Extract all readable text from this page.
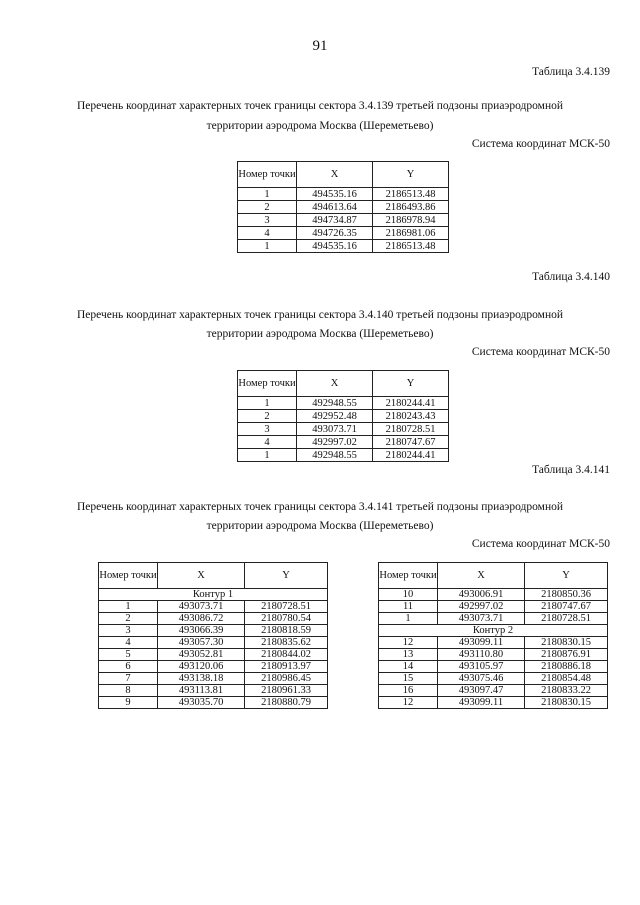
91
Таблица 3.4.139
Перечень координат характерных точек границы сектора 3.4.139 третьей подзоны приаэродромной
территории аэродрома Москва (Шереметьево)
Система координат МСК-50
Номер точки	X	Y
1	494535.16	2186513.48
2	494613.64	2186493.86
3	494734.87	2186978.94
4	494726.35	2186981.06
1	494535.16	2186513.48
Таблица 3.4.140
Перечень координат характерных точек границы сектора 3.4.140 третьей подзоны приаэродромной
территории аэродрома Москва (Шереметьево)
Система координат МСК-50
Номер точки	X	Y
1	492948.55	2180244.41
2	492952.48	2180243.43
3	493073.71	2180728.51
4	492997.02	2180747.67
1	492948.55	2180244.41
Таблица 3.4.141
Перечень координат характерных точек границы сектора 3.4.141 третьей подзоны приаэродромной
территории аэродрома Москва (Шереметьево)
Система координат МСК-50
Номер точки	X	Y
Контур 1		
1	493073.71	2180728.51
2	493086.72	2180780.54
3	493066.39	2180818.59
4	493057.30	2180835.62
5	493052.81	2180844.02
6	493120.06	2180913.97
7	493138.18	2180986.45
8	493113.81	2180961.33
9	493035.70	2180880.79
Номер точки	X	Y
10	493006.91	2180850.36
11	492997.02	2180747.67
1	493073.71	2180728.51
Контур 2		
12	493099.11	2180830.15
13	493110.80	2180876.91
14	493105.97	2180886.18
15	493075.46	2180854.48
16	493097.47	2180833.22
12	493099.11	2180830.15
